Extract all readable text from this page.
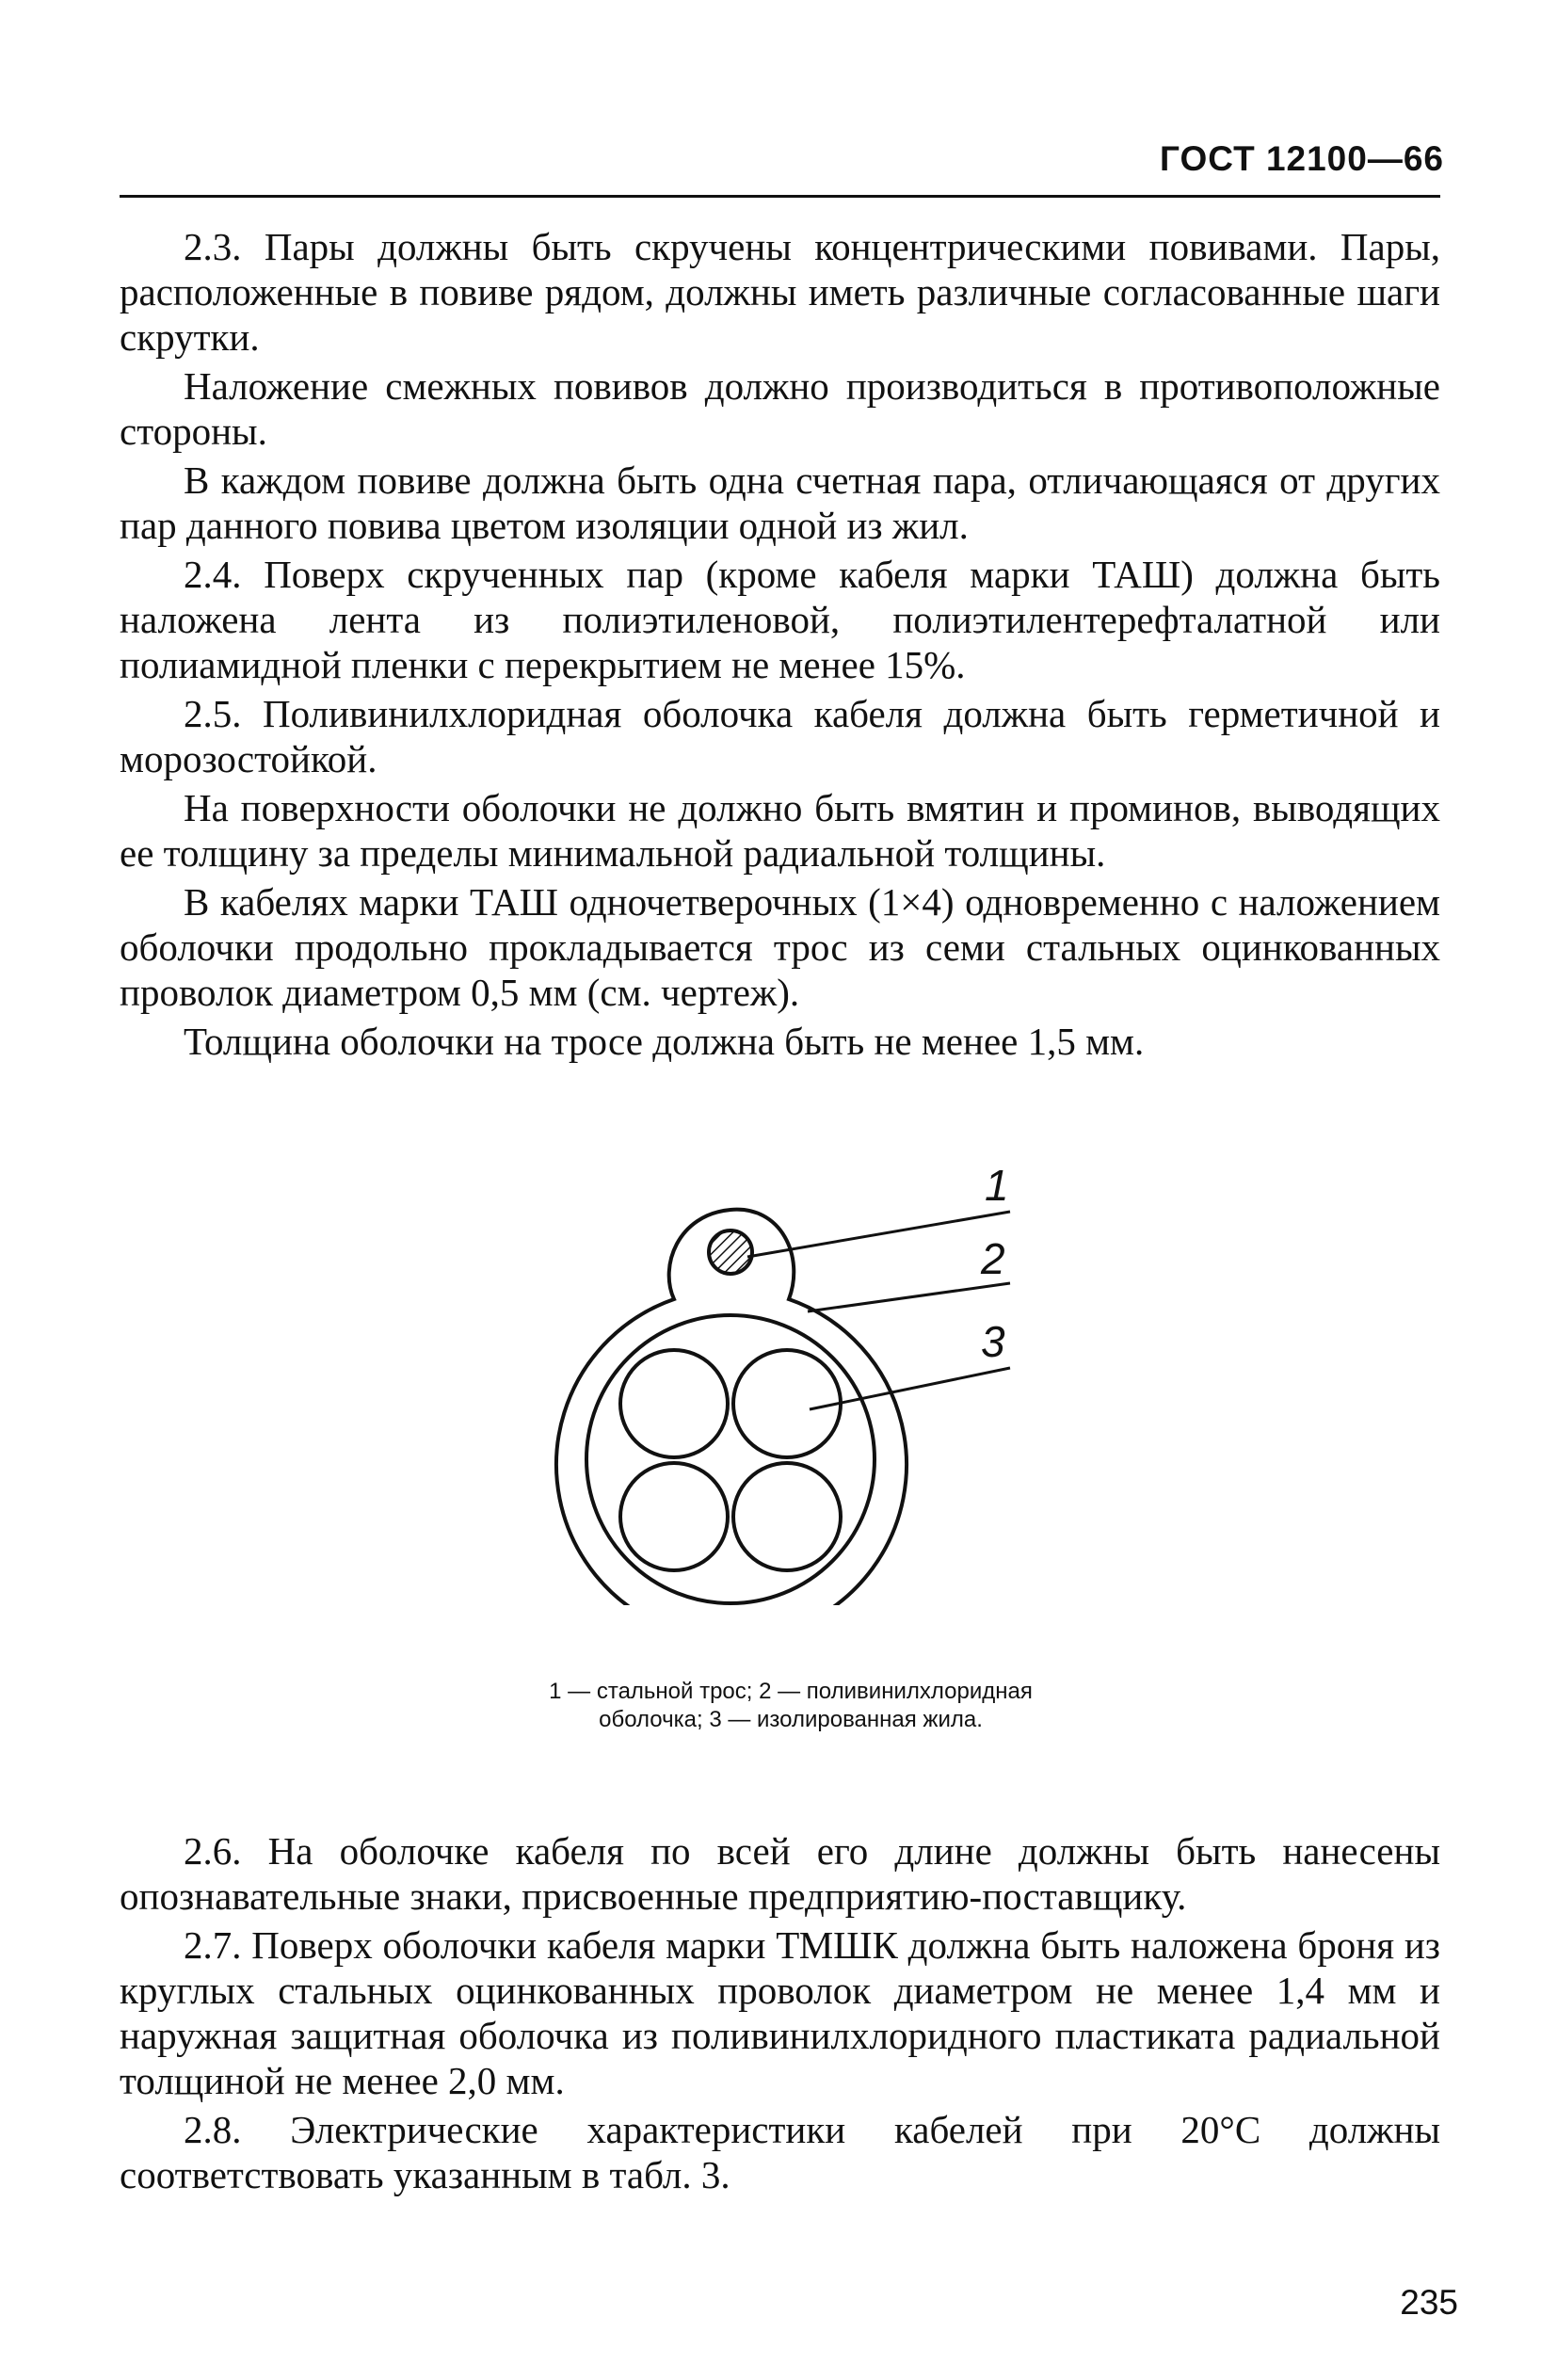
ГОСТ 12100—66

2.3. Пары должны быть скручены концентрическими повивами. Пары, расположенные в повиве рядом, должны иметь различные согласованные шаги скрутки.

Наложение смежных повивов должно производиться в противоположные стороны.

В каждом повиве должна быть одна счетная пара, отличающаяся от других пар данного повива цветом изоляции одной из жил.

2.4. Поверх скрученных пар (кроме кабеля марки ТАШ) должна быть наложена лента из полиэтиленовой, полиэтилентерефталатной или полиамидной пленки с перекрытием не менее 15%.

2.5. Поливинилхлоридная оболочка кабеля должна быть герметичной и морозостойкой.

На поверхности оболочки не должно быть вмятин и проминов, выводящих ее толщину за пределы минимальной радиальной толщины.

В кабелях марки ТАШ одночетверочных (1×4) одновременно с наложением оболочки продольно прокладывается трос из семи стальных оцинкованных проволок диаметром 0,5 мм (см. чертеж).

Толщина оболочки на тросе должна быть не менее 1,5 мм.

1
2
3
1 — стальной трос; 2 — поливинилхлоридная оболочка; 3 — изолированная жила.

2.6. На оболочке кабеля по всей его длине должны быть нанесены опознавательные знаки, присвоенные предприятию-поставщику.

2.7. Поверх оболочки кабеля марки ТМШК должна быть наложена броня из круглых стальных оцинкованных проволок диаметром не менее 1,4 мм и наружная защитная оболочка из поливинилхлоридного пластиката радиальной толщиной не менее 2,0 мм.

2.8. Электрические характеристики кабелей при 20°С должны соответствовать указанным в табл. 3.

235
